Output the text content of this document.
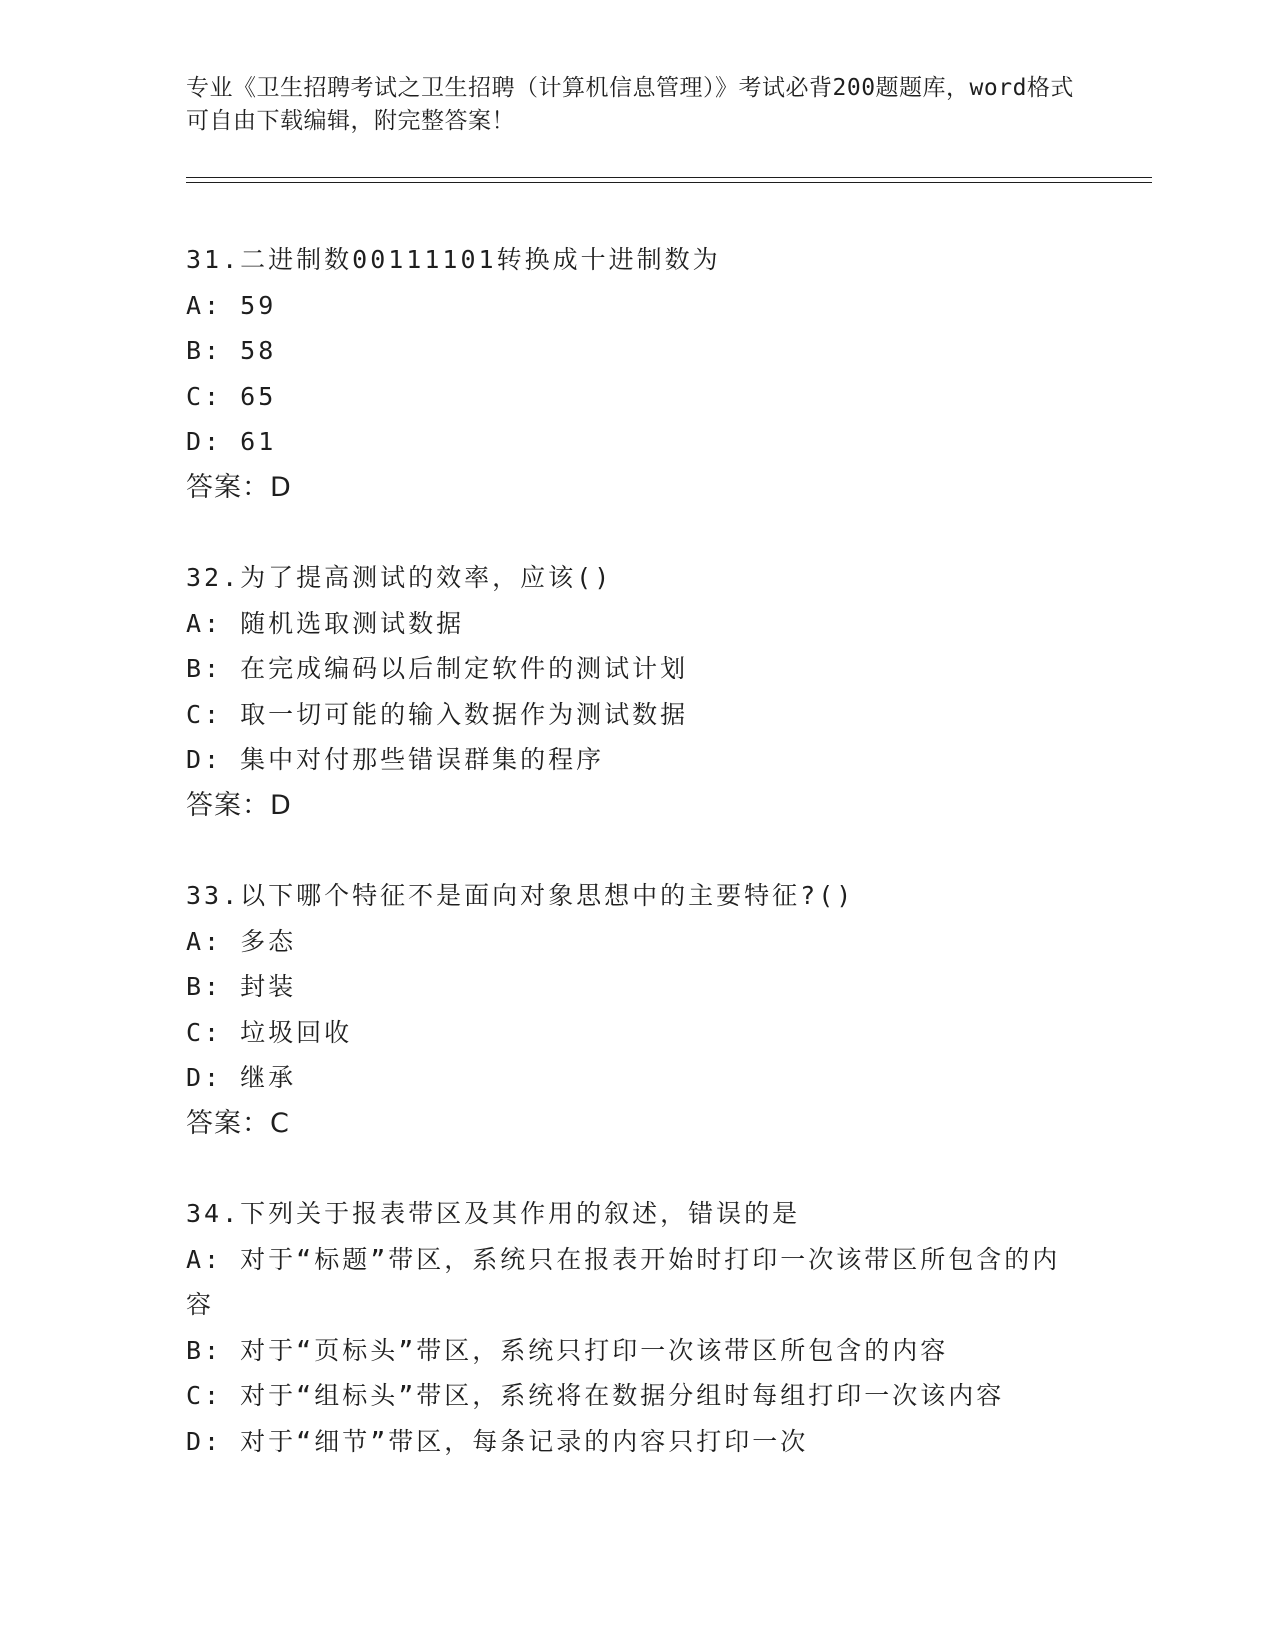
专业《卫生招聘考试之卫生招聘（计算机信息管理）》考试必背200题题库，word格式可自由下载编辑，附完整答案！
31.二进制数00111101转换成十进制数为
A: 59
B: 58
C: 65
D: 61
答案：D
32.为了提高测试的效率，应该()
A: 随机选取测试数据
B: 在完成编码以后制定软件的测试计划
C: 取一切可能的输入数据作为测试数据
D: 集中对付那些错误群集的程序
答案：D
33.以下哪个特征不是面向对象思想中的主要特征?()
A: 多态
B: 封装
C: 垃圾回收
D: 继承
答案：C
34.下列关于报表带区及其作用的叙述，错误的是
A: 对于“标题”带区，系统只在报表开始时打印一次该带区所包含的内容
B: 对于“页标头”带区，系统只打印一次该带区所包含的内容
C: 对于“组标头”带区，系统将在数据分组时每组打印一次该内容
D: 对于“细节”带区，每条记录的内容只打印一次
